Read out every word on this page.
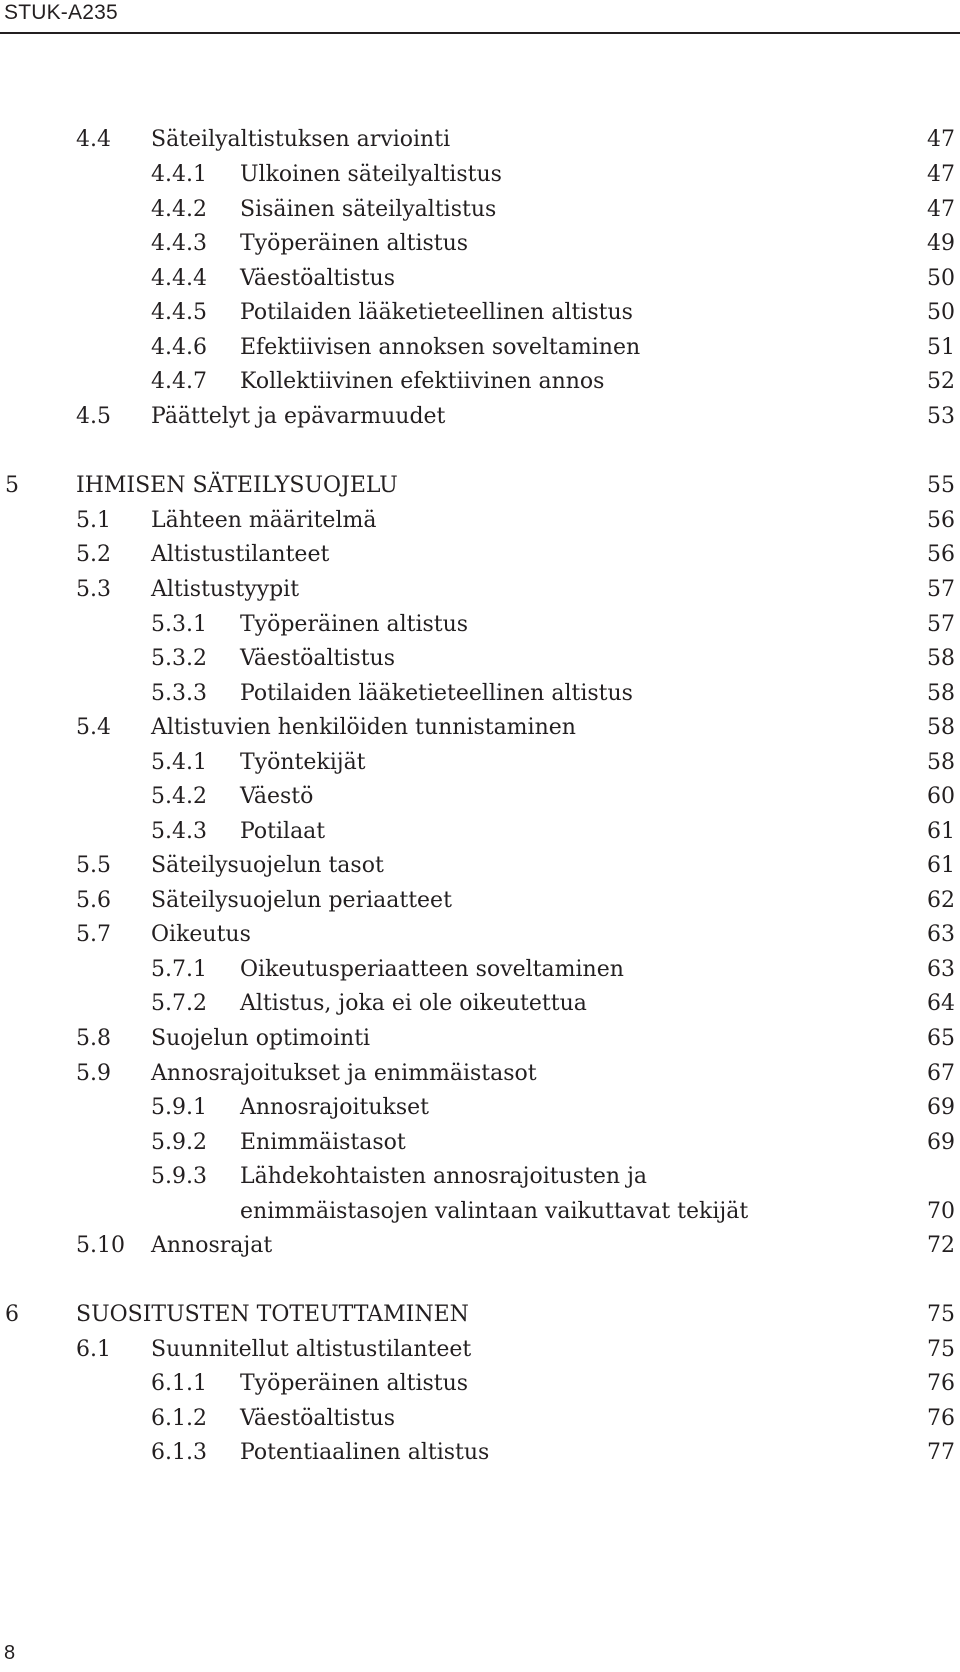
STUK-A235
4.4 Säteilyaltistuksen arviointi	47
4.4.1 Ulkoinen säteilyaltistus	47
4.4.2 Sisäinen säteilyaltistus	47
4.4.3 Työperäinen altistus	49
4.4.4 Väestöaltistus	50
4.4.5 Potilaiden lääketieteellinen altistus	50
4.4.6 Efektiivisen annoksen soveltaminen	51
4.4.7 Kollektiivinen efektiivinen annos	52
4.5 Päättelyt ja epävarmuudet	53
5	IHMISEN SÄTEILYSUOJELU	55
5.1 Lähteen määritelmä	56
5.2 Altistustilanteet	56
5.3 Altistustyypit	57
5.3.1 Työperäinen altistus	57
5.3.2 Väestöaltistus	58
5.3.3 Potilaiden lääketieteellinen altistus	58
5.4 Altistuvien henkilöiden tunnistaminen	58
5.4.1 Työntekijät	58
5.4.2 Väestö	60
5.4.3 Potilaat	61
5.5 Säteilysuojelun tasot	61
5.6 Säteilysuojelun periaatteet	62
5.7 Oikeutus	63
5.7.1 Oikeutusperiaatteen soveltaminen	63
5.7.2 Altistus, joka ei ole oikeutettua	64
5.8 Suojelun optimointi	65
5.9 Annosrajoitukset ja enimmäistasot	67
5.9.1 Annosrajoitukset	69
5.9.2 Enimmäistasot	69
5.9.3 Lähdekohtaisten annosrajoitusten ja
enimmäistasojen valintaan vaikuttavat tekijät	70
5.10 Annosrajat	72
6	SUOSITUSTEN TOTEUTTAMINEN	75
6.1 Suunnitellut altistustilanteet	75
6.1.1 Työperäinen altistus	76
6.1.2 Väestöaltistus	76
6.1.3 Potentiaalinen altistus	77
8
